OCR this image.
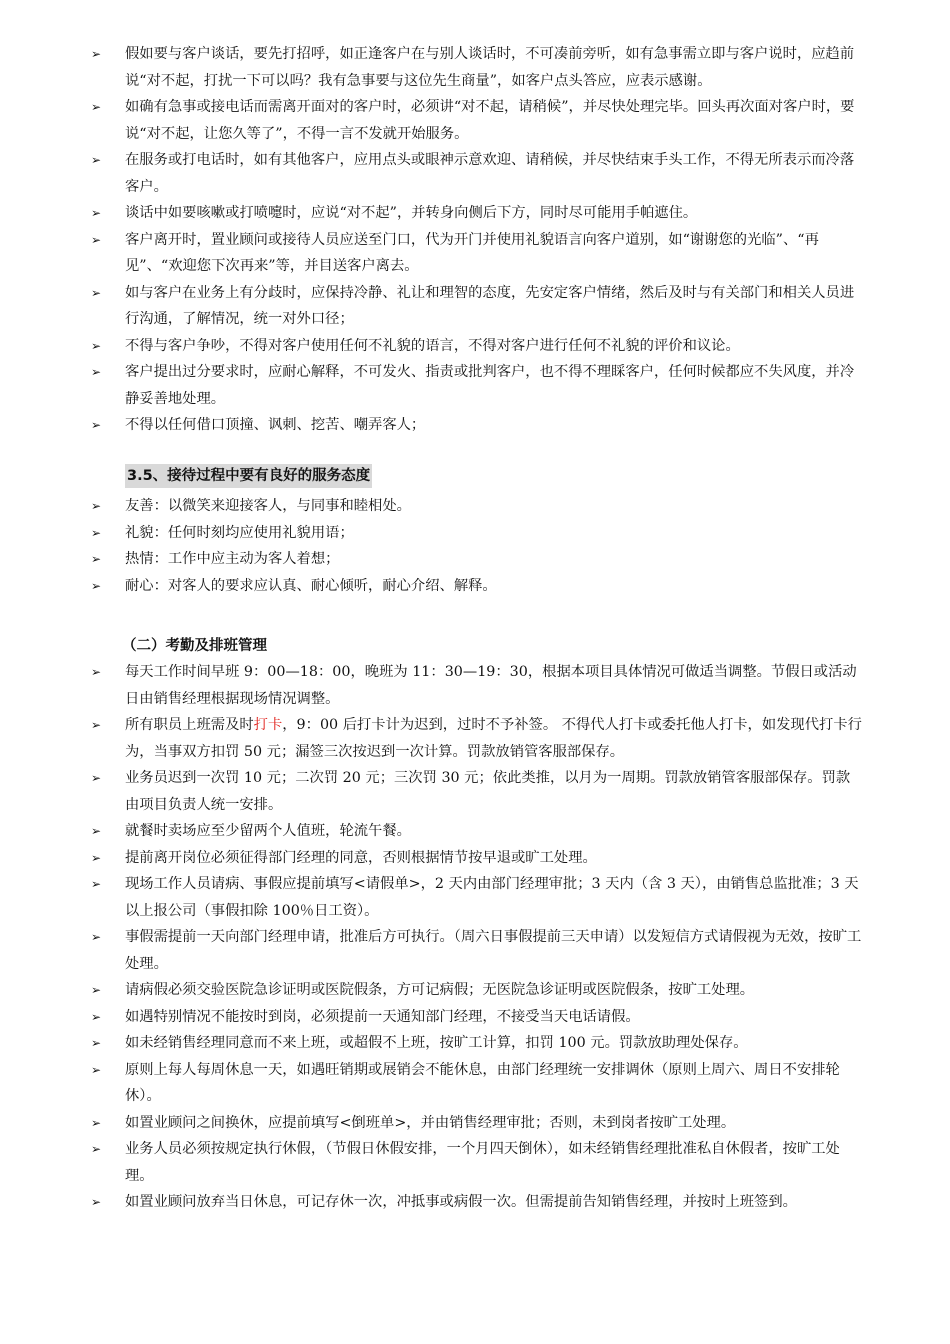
➢ 假如要与客户谈话，要先打招呼，如正逢客户在与别人谈话时，不可凑前旁听，如有急事需立即与客户说时，应趋前说“对不起，打扰一下可以吗？我有急事要与这位先生商量”，如客户点头答应，应表示感谢。
➢ 如确有急事或接电话而需离开面对的客户时，必须讲“对不起，请稍候”，并尽快处理完毕。回头再次面对客户时，要说“对不起，让您久等了”，不得一言不发就开始服务。
➢ 在服务或打电话时，如有其他客户，应用点头或眼神示意欢迎、请稍候，并尽快结束手头工作，不得无所表示而冷落客户。
➢ 谈话中如要咳嗽或打喷嚏时，应说“对不起”，并转身向侧后下方，同时尽可能用手帕遮住。
➢ 客户离开时，置业顾问或接待人员应送至门口，代为开门并使用礼貌语言向客户道别，如“谢谢您的光临”、“再见”、“欢迎您下次再来”等，并目送客户离去。
➢ 如与客户在业务上有分歧时，应保持冷静、礼让和理智的态度，先安定客户情绪，然后及时与有关部门和相关人员进行沟通，了解情况，统一对外口径；
➢ 不得与客户争吵，不得对客户使用任何不礼貌的语言，不得对客户进行任何不礼貌的评价和议论。
➢ 客户提出过分要求时，应耐心解释，不可发火、指责或批判客户，也不得不理睬客户，任何时候都应不失风度，并冷静妥善地处理。
➢ 不得以任何借口顶撞、讽刺、挖苦、嘲弄客人；
3.5、接待过程中要有良好的服务态度
➢ 友善：以微笑来迎接客人，与同事和睦相处。
➢ 礼貌：任何时刻均应使用礼貌用语；
➢ 热情：工作中应主动为客人着想；
➢ 耐心：对客人的要求应认真、耐心倾听，耐心介绍、解释。
（二）考勤及排班管理
➢ 每天工作时间早班 9：00—18：00，晚班为 11：30—19：30，根据本项目具体情况可做适当调整。节假日或活动日由销售经理根据现场情况调整。
➢ 所有职员上班需及时打卡，9：00 后打卡计为迟到，过时不予补签。 不得代人打卡或委托他人打卡，如发现代打卡行为，当事双方扣罚 50 元；漏签三次按迟到一次计算。罚款放销管客服部保存。
➢ 业务员迟到一次罚 10 元；二次罚 20 元；三次罚 30 元；依此类推，以月为一周期。罚款放销管客服部保存。罚款由项目负责人统一安排。
➢ 就餐时卖场应至少留两个人值班，轮流午餐。
➢ 提前离开岗位必须征得部门经理的同意，否则根据情节按早退或旷工处理。
➢ 现场工作人员请病、事假应提前填写<请假单>，2 天内由部门经理审批；3 天内（含 3 天），由销售总监批准；3 天以上报公司（事假扣除 100％日工资）。
➢ 事假需提前一天向部门经理申请，批准后方可执行。（周六日事假提前三天申请）以发短信方式请假视为无效，按旷工处理。
➢ 请病假必须交验医院急诊证明或医院假条，方可记病假；无医院急诊证明或医院假条，按旷工处理。
➢ 如遇特别情况不能按时到岗，必须提前一天通知部门经理，不接受当天电话请假。
➢ 如未经销售经理同意而不来上班，或超假不上班，按旷工计算，扣罚 100 元。罚款放助理处保存。
➢ 原则上每人每周休息一天，如遇旺销期或展销会不能休息，由部门经理统一安排调休（原则上周六、周日不安排轮休）。
➢ 如置业顾问之间换休，应提前填写<倒班单>，并由销售经理审批；否则，未到岗者按旷工处理。
➢ 业务人员必须按规定执行休假，（节假日休假安排，一个月四天倒休），如未经销售经理批准私自休假者，按旷工处理。
➢ 如置业顾问放弃当日休息，可记存休一次，冲抵事或病假一次。但需提前告知销售经理，并按时上班签到。
